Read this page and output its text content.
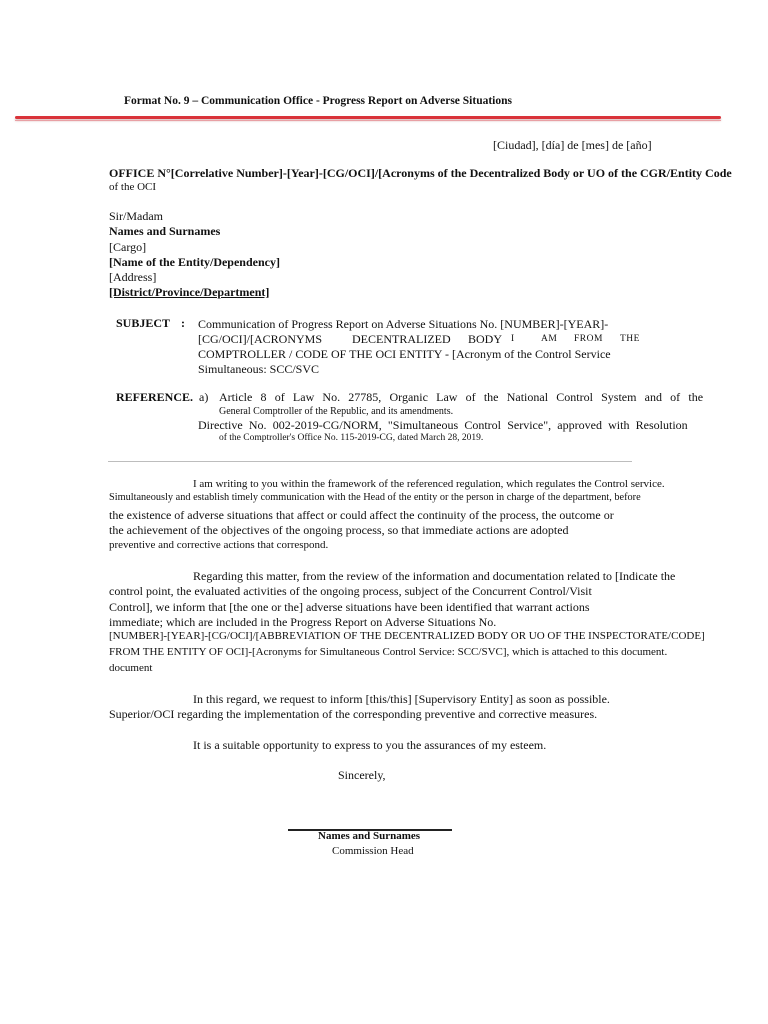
Format No. 9 – Communication Office - Progress Report on Adverse Situations
[Ciudad], [día] de [mes] de [año]
OFFICE N°[Correlative Number]-[Year]-[CG/OCI]/[Acronyms of the Decentralized Body or UO of the CGR/Entity Code
of the OCI
Sir/Madam
Names and Surnames
[Cargo]
[Name of the Entity/Dependency]
[Address]
[District/Province/Department]
SUBJECT : Communication of Progress Report on Adverse Situations No. [NUMBER]-[YEAR]-
[CG/OCI]/[ACRONYMS DECENTRALIZED BODY I	AM FROM THE
COMPTROLLER / CODE OF THE OCI ENTITY - [Acronym of the Control Service
Simultaneous: SCC/SVC
REFERENCE. a) Article 8 of Law No. 27785, Organic Law of the National Control System and of the
General Comptroller of the Republic, and its amendments.
Directive No. 002-2019-CG/NORM, "Simultaneous Control Service", approved with Resolution
of the Comptroller's Office No. 115-2019-CG, dated March 28, 2019.
I am writing to you within the framework of the referenced regulation, which regulates the Control service.
Simultaneously and establish timely communication with the Head of the entity or the person in charge of the department, before
the existence of adverse situations that affect or could affect the continuity of the process, the outcome or
the achievement of the objectives of the ongoing process, so that immediate actions are adopted
preventive and corrective actions that correspond.
Regarding this matter, from the review of the information and documentation related to [Indicate the
control point, the evaluated activities of the ongoing process, subject of the Concurrent Control/Visit
Control], we inform that [the one or the] adverse situations have been identified that warrant actions
immediate; which are included in the Progress Report on Adverse Situations No.
[NUMBER]-[YEAR]-[CG/OCI]/[ABBREVIATION OF THE DECENTRALIZED BODY OR UO OF THE INSPECTORATE/CODE]
FROM THE ENTITY OF OCI]-[Acronyms for Simultaneous Control Service: SCC/SVC], which is attached to this document.
document
In this regard, we request to inform [this/this] [Supervisory Entity] as soon as possible.
Superior/OCI regarding the implementation of the corresponding preventive and corrective measures.
It is a suitable opportunity to express to you the assurances of my esteem.
Sincerely,
Names and Surnames
Commission Head
